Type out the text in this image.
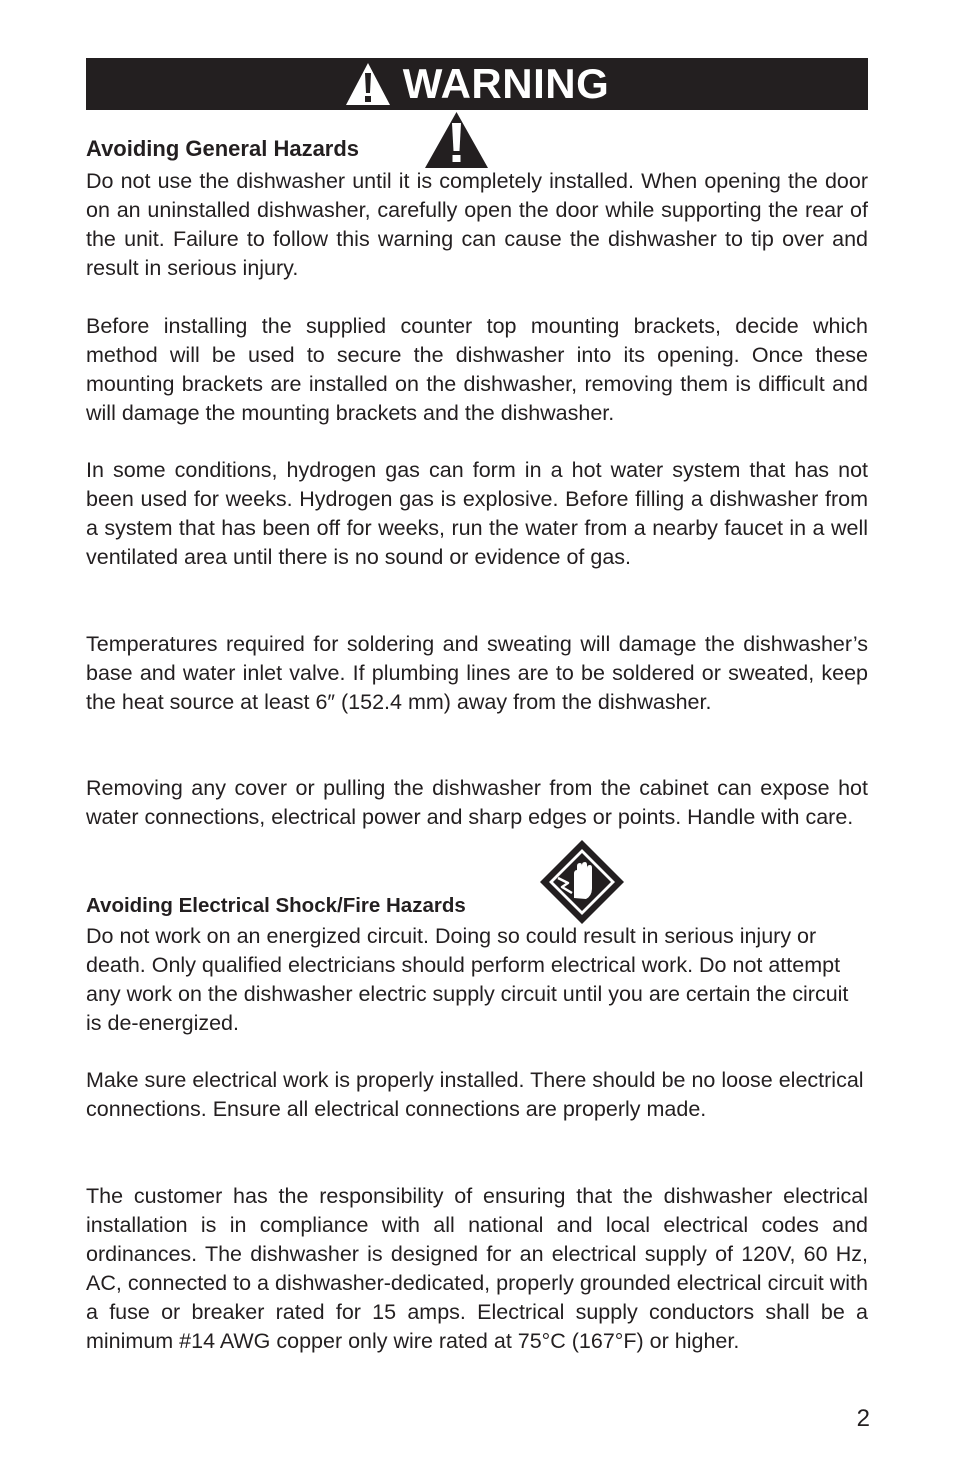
WARNING
Avoiding General Hazards

Do not use the dishwasher until it is completely installed. When opening the door on an uninstalled dishwasher, carefully open the door while supporting the rear of the unit. Failure to follow this warning can cause the dishwasher to tip over and result in serious injury.

Before installing the supplied counter top mounting brackets, decide which method will be used to secure the dishwasher into its opening. Once these mounting brackets are installed on the dishwasher, removing them is difficult and will damage the mounting brackets and the dishwasher.

In some conditions, hydrogen gas can form in a hot water system that has not been used for weeks. Hydrogen gas is explosive. Before filling a dishwasher from a system that has been off for weeks, run the water from a nearby faucet in a well ventilated area until there is no sound or evidence of gas.

Temperatures required for soldering and sweating will damage the dishwasher’s base and water inlet valve. If plumbing lines are to be soldered or sweated, keep the heat source at least 6″ (152.4 mm) away from the dishwasher.

Removing any cover or pulling the dishwasher from the cabinet can expose hot water connections, electrical power and sharp edges or points. Handle with care.

Avoiding Electrical Shock/Fire Hazards

Do not work on an energized circuit. Doing so could result in serious injury or death. Only qualified electricians should perform electrical work. Do not attempt any work on the dishwasher electric supply circuit until you are certain the circuit is de-energized.

Make sure electrical work is properly installed. There should be no loose electrical connections. Ensure all electrical connections are properly made.

The customer has the responsibility of ensuring that the dishwasher electrical installation is in compliance with all national and local electrical codes and ordinances. The dishwasher is designed for an electrical supply of 120V, 60 Hz, AC, connected to a dishwasher-dedicated, properly grounded electrical circuit with a fuse or breaker rated for 15 amps. Electrical supply conductors shall be a minimum #14 AWG copper only wire rated at 75°C (167°F) or higher.

2
